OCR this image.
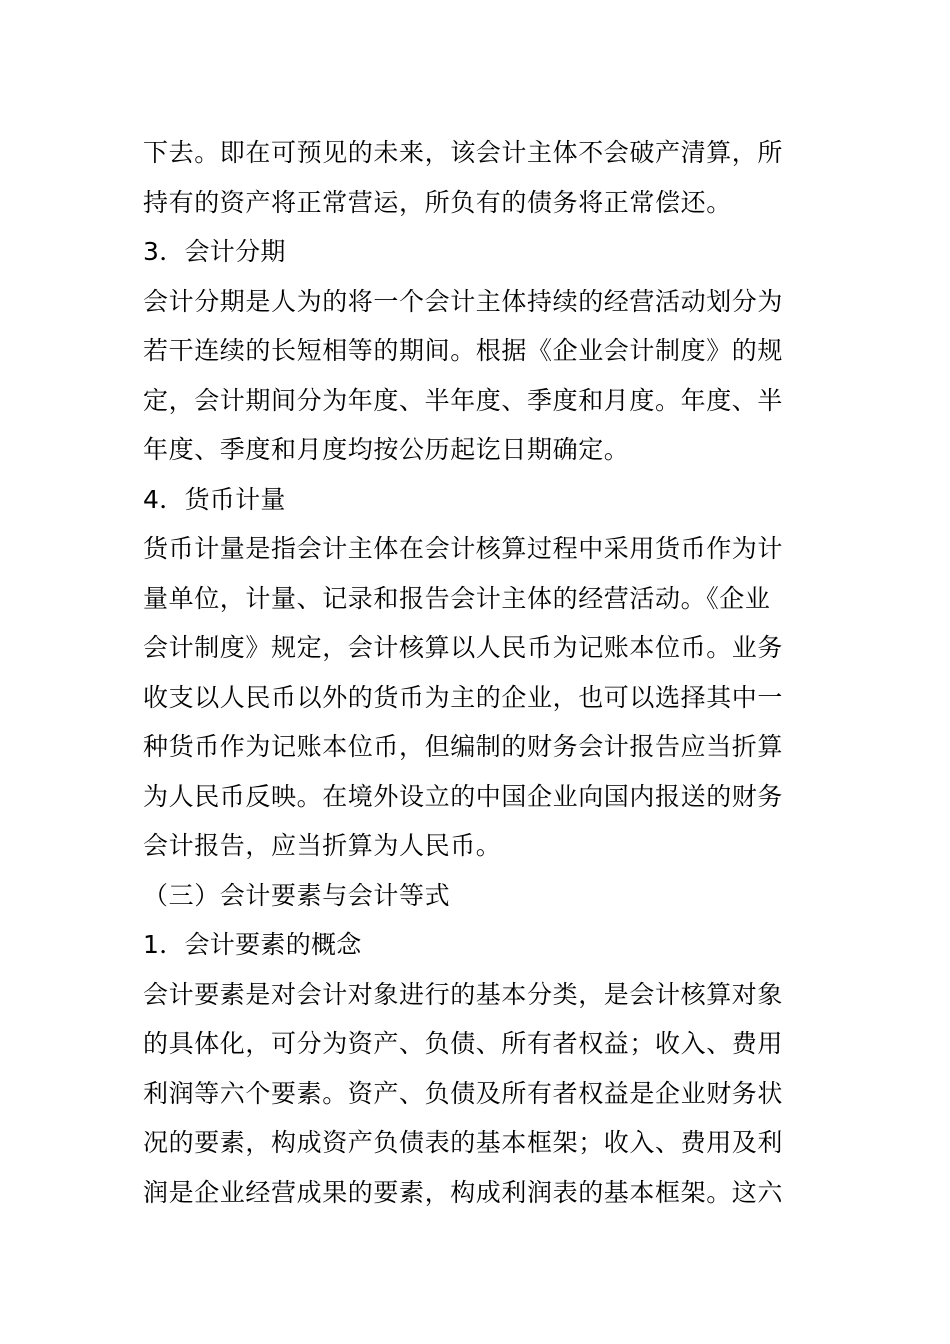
下去。即在可预见的未来，该会计主体不会破产清算，所
持有的资产将正常营运，所负有的债务将正常偿还。
3．会计分期
会计分期是人为的将一个会计主体持续的经营活动划分为
若干连续的长短相等的期间。根据《企业会计制度》的规
定，会计期间分为年度、半年度、季度和月度。年度、半
年度、季度和月度均按公历起讫日期确定。
4．货币计量
货币计量是指会计主体在会计核算过程中采用货币作为计
量单位，计量、记录和报告会计主体的经营活动。《企业
会计制度》规定，会计核算以人民币为记账本位币。业务
收支以人民币以外的货币为主的企业，也可以选择其中一
种货币作为记账本位币，但编制的财务会计报告应当折算
为人民币反映。在境外设立的中国企业向国内报送的财务
会计报告，应当折算为人民币。
（三）会计要素与会计等式
1．会计要素的概念
会计要素是对会计对象进行的基本分类，是会计核算对象
的具体化，可分为资产、负债、所有者权益；收入、费用
利润等六个要素。资产、负债及所有者权益是企业财务状
况的要素，构成资产负债表的基本框架；收入、费用及利
润是企业经营成果的要素，构成利润表的基本框架。这六
